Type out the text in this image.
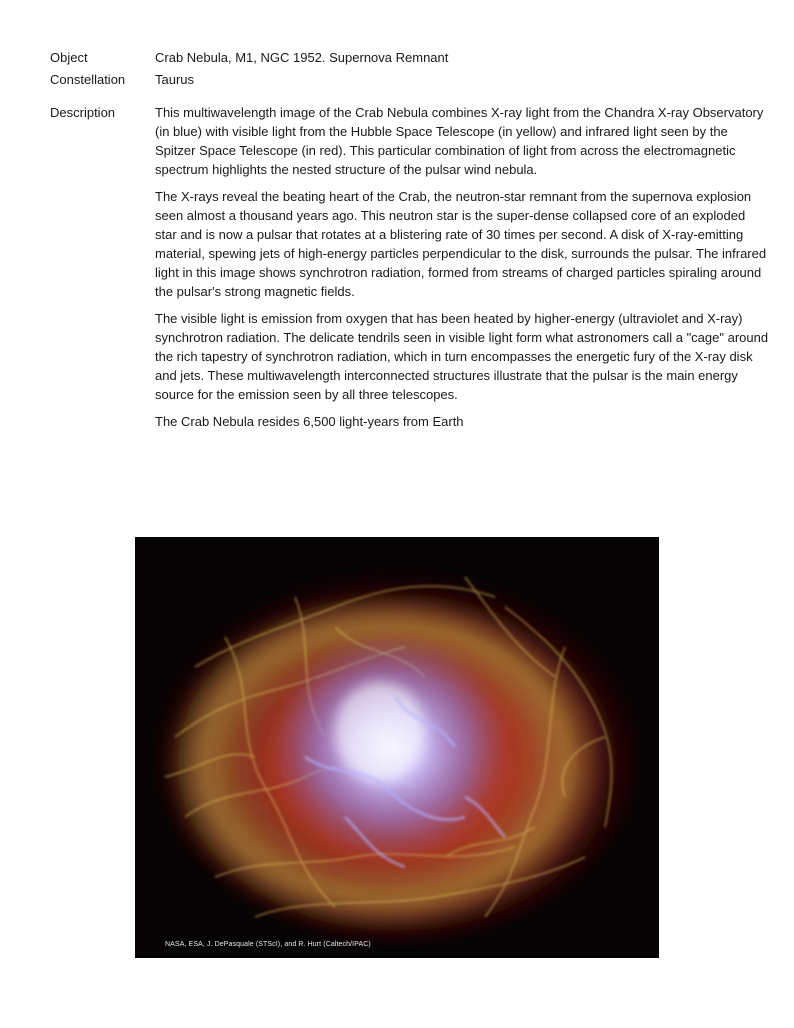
Object	Crab Nebula, M1, NGC 1952. Supernova Remnant
Constellation	Taurus
Description	This multiwavelength image of the Crab Nebula combines X-ray light from the Chandra X-ray Observatory (in blue) with visible light from the Hubble Space Telescope (in yellow) and infrared light seen by the Spitzer Space Telescope (in red). This particular combination of light from across the electromagnetic spectrum highlights the nested structure of the pulsar wind nebula.

The X-rays reveal the beating heart of the Crab, the neutron-star remnant from the supernova explosion seen almost a thousand years ago. This neutron star is the super-dense collapsed core of an exploded star and is now a pulsar that rotates at a blistering rate of 30 times per second. A disk of X-ray-emitting material, spewing jets of high-energy particles perpendicular to the disk, surrounds the pulsar. The infrared light in this image shows synchrotron radiation, formed from streams of charged particles spiraling around the pulsar's strong magnetic fields.

The visible light is emission from oxygen that has been heated by higher-energy (ultraviolet and X-ray) synchrotron radiation. The delicate tendrils seen in visible light form what astronomers call a "cage" around the rich tapestry of synchrotron radiation, which in turn encompasses the energetic fury of the X-ray disk and jets. These multiwavelength interconnected structures illustrate that the pulsar is the main energy source for the emission seen by all three telescopes.

The Crab Nebula resides 6,500 light-years from Earth

NASA, ESA, J. DePasquale (STScI), and R. Hurt (Caltech/IPAC)
